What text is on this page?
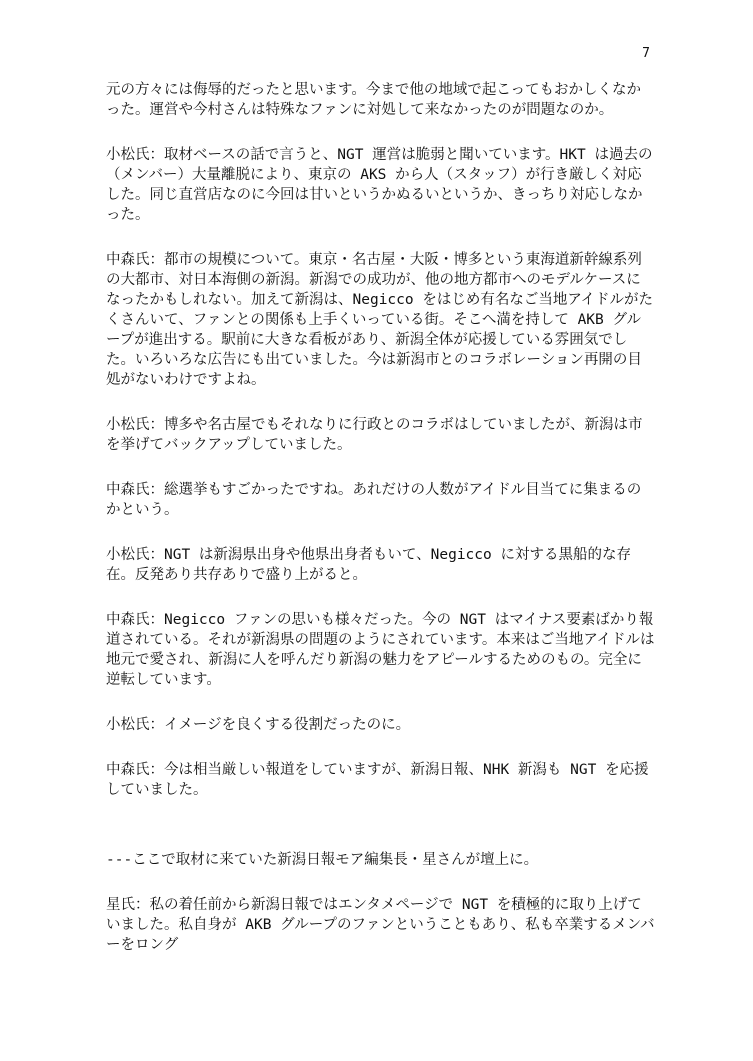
7

元の方々には侮辱的だったと思います。今まで他の地域で起こってもおかしくなかった。運営や今村さんは特殊なファンに対処して来なかったのが問題なのか。

小松氏：取材ベースの話で言うと、NGT 運営は脆弱と聞いています。HKT は過去の（メンバー）大量離脱により、東京の AKS から人（スタッフ）が行き厳しく対応した。同じ直営店なのに今回は甘いというかぬるいというか、きっちり対応しなかった。

中森氏：都市の規模について。東京・名古屋・大阪・博多という東海道新幹線系列の大都市、対日本海側の新潟。新潟での成功が、他の地方都市へのモデルケースになったかもしれない。加えて新潟は、Negicco をはじめ有名なご当地アイドルがたくさんいて、ファンとの関係も上手くいっている街。そこへ満を持して AKB グループが進出する。駅前に大きな看板があり、新潟全体が応援している雰囲気でした。いろいろな広告にも出ていました。今は新潟市とのコラボレーション再開の目処がないわけですよね。

小松氏：博多や名古屋でもそれなりに行政とのコラボはしていましたが、新潟は市を挙げてバックアップしていました。

中森氏：総選挙もすごかったですね。あれだけの人数がアイドル目当てに集まるのかという。

小松氏：NGT は新潟県出身や他県出身者もいて、Negicco に対する黒船的な存在。反発あり共存ありで盛り上がると。

中森氏：Negicco ファンの思いも様々だった。今の NGT はマイナス要素ばかり報道されている。それが新潟県の問題のようにされています。本来はご当地アイドルは地元で愛され、新潟に人を呼んだり新潟の魅力をアピールするためのもの。完全に逆転しています。

小松氏：イメージを良くする役割だったのに。

中森氏：今は相当厳しい報道をしていますが、新潟日報、NHK 新潟も NGT を応援していました。

---ここで取材に来ていた新潟日報モア編集長・星さんが壇上に。

星氏：私の着任前から新潟日報ではエンタメページで NGT を積極的に取り上げていました。私自身が AKB グループのファンということもあり、私も卒業するメンバーをロング
